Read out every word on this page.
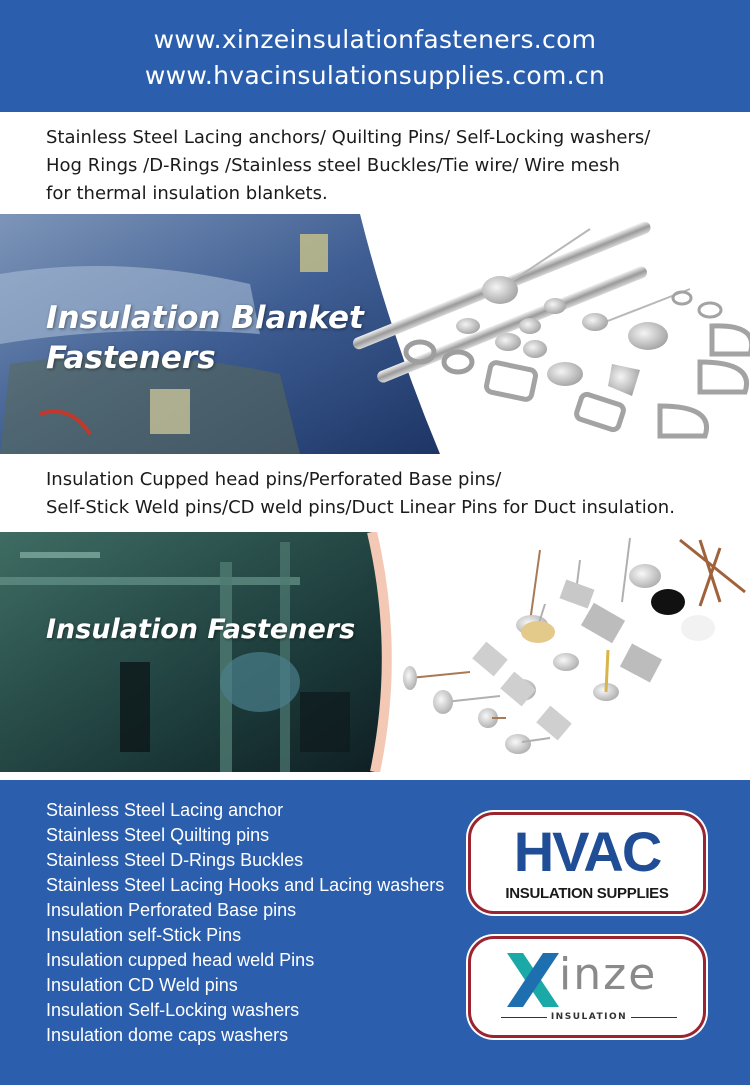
www.xinzeinsulationfasteners.com
www.hvacinsulationsupplies.com.cn
Stainless Steel Lacing anchors/ Quilting Pins/ Self-Locking washers/
Hog Rings /D-Rings /Stainless steel Buckles/Tie wire/ Wire mesh
for thermal insulation blankets.
Insulation Blanket
Fasteners
Insulation Cupped head pins/Perforated Base pins/
Self-Stick Weld pins/CD weld pins/Duct Linear Pins for Duct insulation.
Insulation Fasteners
Stainless Steel Lacing anchor
Stainless Steel Quilting pins
Stainless Steel D-Rings Buckles
Stainless Steel Lacing Hooks and Lacing washers
Insulation Perforated Base pins
Insulation self-Stick Pins
Insulation cupped head weld Pins
Insulation CD Weld pins
Insulation Self-Locking washers
Insulation dome caps washers
HVAC
INSULATION SUPPLIES
inze
INSULATION
